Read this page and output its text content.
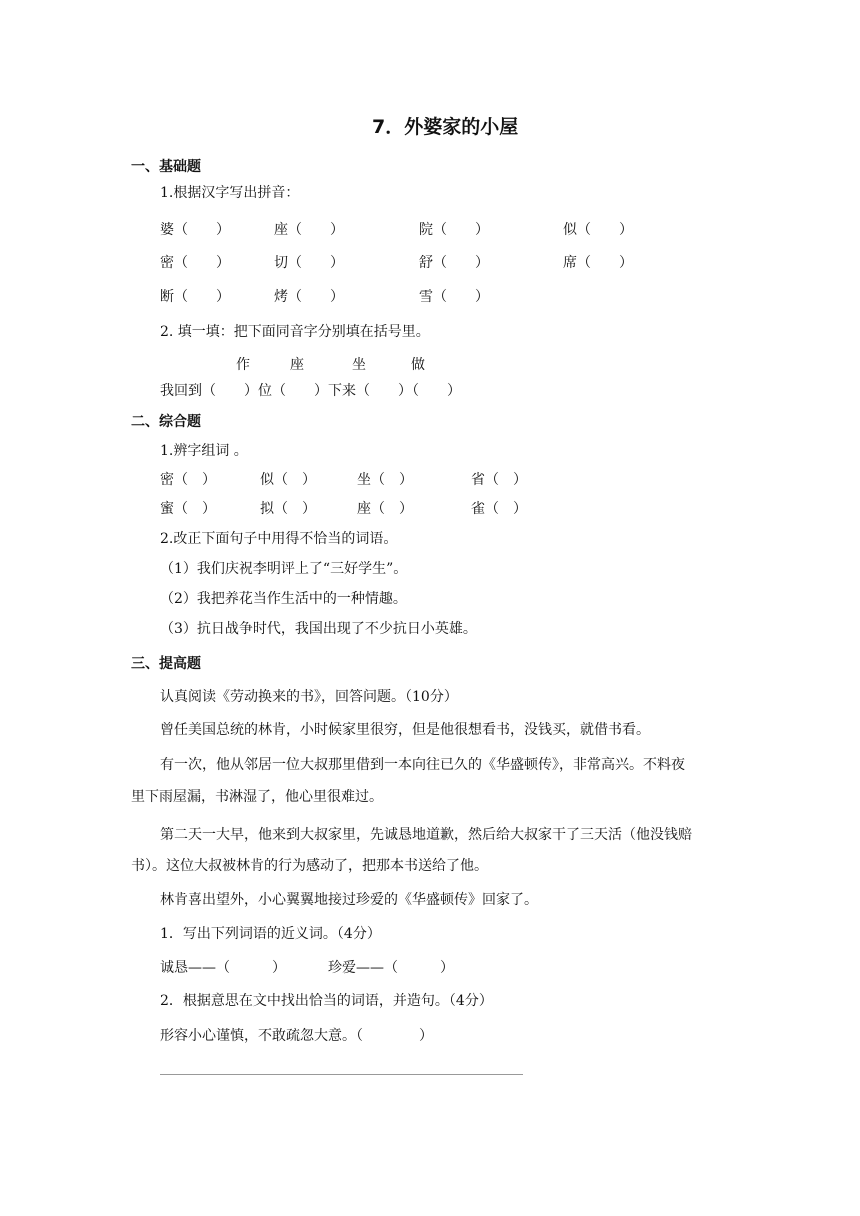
7．外婆家的小屋
一、基础题
1.根据汉字写出拼音：
婆（　　）	座（　　）	院（　　）	似（　　）
密（　　）	切（　　）	舒（　　）	席（　　）
断（　　）	烤（　　）	雪（　　）
2. 填一填：把下面同音字分别填在括号里。
作	座	坐	做
我回到（　　）位（　　）下来（　　）（　　）
二、综合题
1.辨字组词 。
密（　）	似（　）	坐（　）	省（　）
蜜（　）	拟（　）	座（　）	雀（　）
2.改正下面句子中用得不恰当的词语。
（1）我们庆祝李明评上了“三好学生”。
（2）我把养花当作生活中的一种情趣。
（3）抗日战争时代，我国出现了不少抗日小英雄。
三、提高题
认真阅读《劳动换来的书》，回答问题。（10分）
曾任美国总统的林肯，小时候家里很穷，但是他很想看书，没钱买，就借书看。
有一次，他从邻居一位大叔那里借到一本向往已久的《华盛顿传》，非常高兴。不料夜
里下雨屋漏，书淋湿了，他心里很难过。
第二天一大早，他来到大叔家里，先诚恳地道歉，然后给大叔家干了三天活（他没钱赔
书）。这位大叔被林肯的行为感动了，把那本书送给了他。
林肯喜出望外，小心翼翼地接过珍爱的《华盛顿传》回家了。
1．写出下列词语的近义词。（4分）
诚恳——（　　　）	珍爱——（　　　）
2．根据意思在文中找出恰当的词语，并造句。（4分）
形容小心谨慎，不敢疏忽大意。（　　　　）
